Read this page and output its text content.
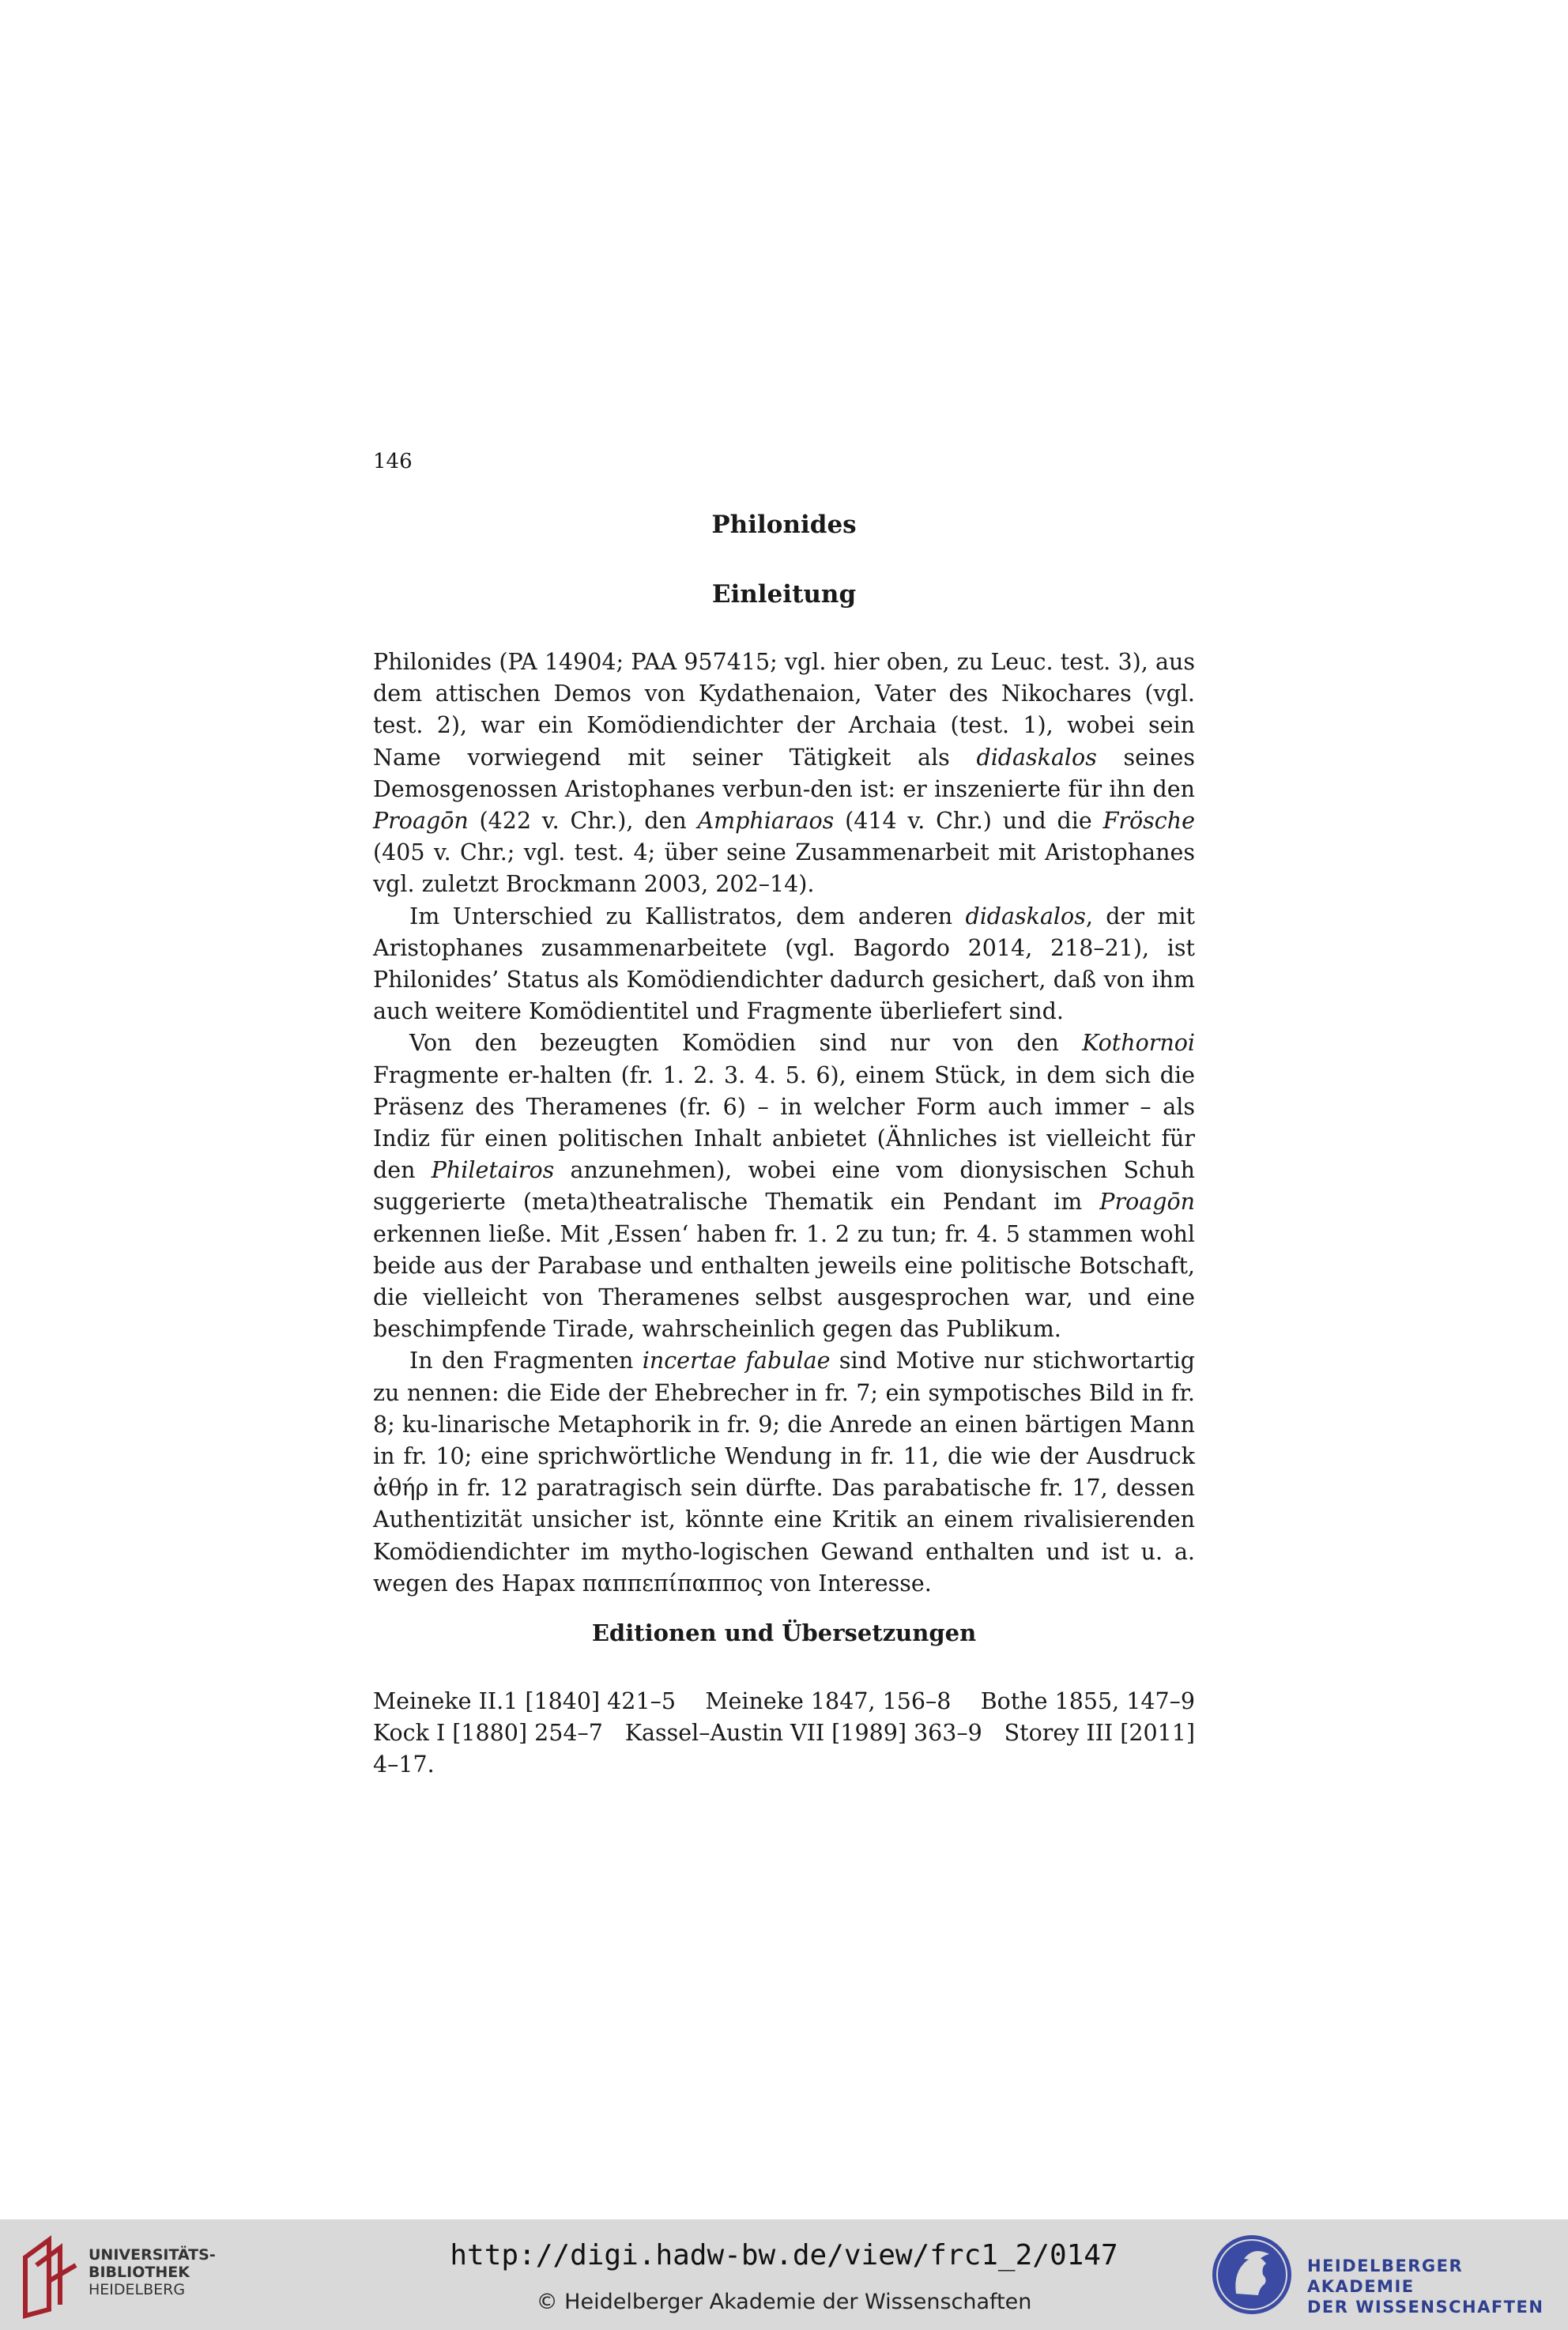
146
Philonides
Einleitung

Philonides (PA 14904; PAA 957415; vgl. hier oben, zu Leuc. test. 3), aus dem attischen Demos von Kydathenaion, Vater des Nikochares (vgl. test. 2), war ein Komödiendichter der Archaia (test. 1), wobei sein Name vorwiegend mit seiner Tätigkeit als didaskalos seines Demosgenossen Aristophanes verbun-den ist: er inszenierte für ihn den Proagōn (422 v. Chr.), den Amphiaraos (414 v. Chr.) und die Frösche (405 v. Chr.; vgl. test. 4; über seine Zusammenarbeit mit Aristophanes vgl. zuletzt Brockmann 2003, 202–14).

Im Unterschied zu Kallistratos, dem anderen didaskalos, der mit Aristophanes zusammenarbeitete (vgl. Bagordo 2014, 218–21), ist Philonides’ Status als Komödiendichter dadurch gesichert, daß von ihm auch weitere Komödientitel und Fragmente überliefert sind.

Von den bezeugten Komödien sind nur von den Kothornoi Fragmente er-halten (fr. 1. 2. 3. 4. 5. 6), einem Stück, in dem sich die Präsenz des Theramenes (fr. 6) – in welcher Form auch immer – als Indiz für einen politischen Inhalt anbietet (Ähnliches ist vielleicht für den Philetairos anzunehmen), wobei eine vom dionysischen Schuh suggerierte (meta)theatralische Thematik ein Pendant im Proagōn erkennen ließe. Mit ‚Essen‘ haben fr. 1. 2 zu tun; fr. 4. 5 stammen wohl beide aus der Parabase und enthalten jeweils eine politische Botschaft, die vielleicht von Theramenes selbst ausgesprochen war, und eine beschimpfende Tirade, wahrscheinlich gegen das Publikum.

In den Fragmenten incertae fabulae sind Motive nur stichwortartig zu nennen: die Eide der Ehebrecher in fr. 7; ein sympotisches Bild in fr. 8; ku-linarische Metaphorik in fr. 9; die Anrede an einen bärtigen Mann in fr. 10; eine sprichwörtliche Wendung in fr. 11, die wie der Ausdruck ἀθήρ in fr. 12 paratragisch sein dürfte. Das parabatische fr. 17, dessen Authentizität unsicher ist, könnte eine Kritik an einem rivalisierenden Komödiendichter im mytho-logischen Gewand enthalten und ist u. a. wegen des Hapax παππεπίπαππος von Interesse.

Editionen und Übersetzungen
Meineke II.1 [1840] 421–5 Meineke 1847, 156–8 Bothe 1855, 147–9
Kock I [1880] 254–7 Kassel–Austin VII [1989] 363–9 Storey III [2011]
4–17.
UNIVERSITÄTS-
BIBLIOTHEK
HEIDELBERG
http://digi.hadw-bw.de/view/frc1_2/0147
© Heidelberger Akademie der Wissenschaften
HEIDELBERGER AKADEMIE
DER WISSENSCHAFTEN
